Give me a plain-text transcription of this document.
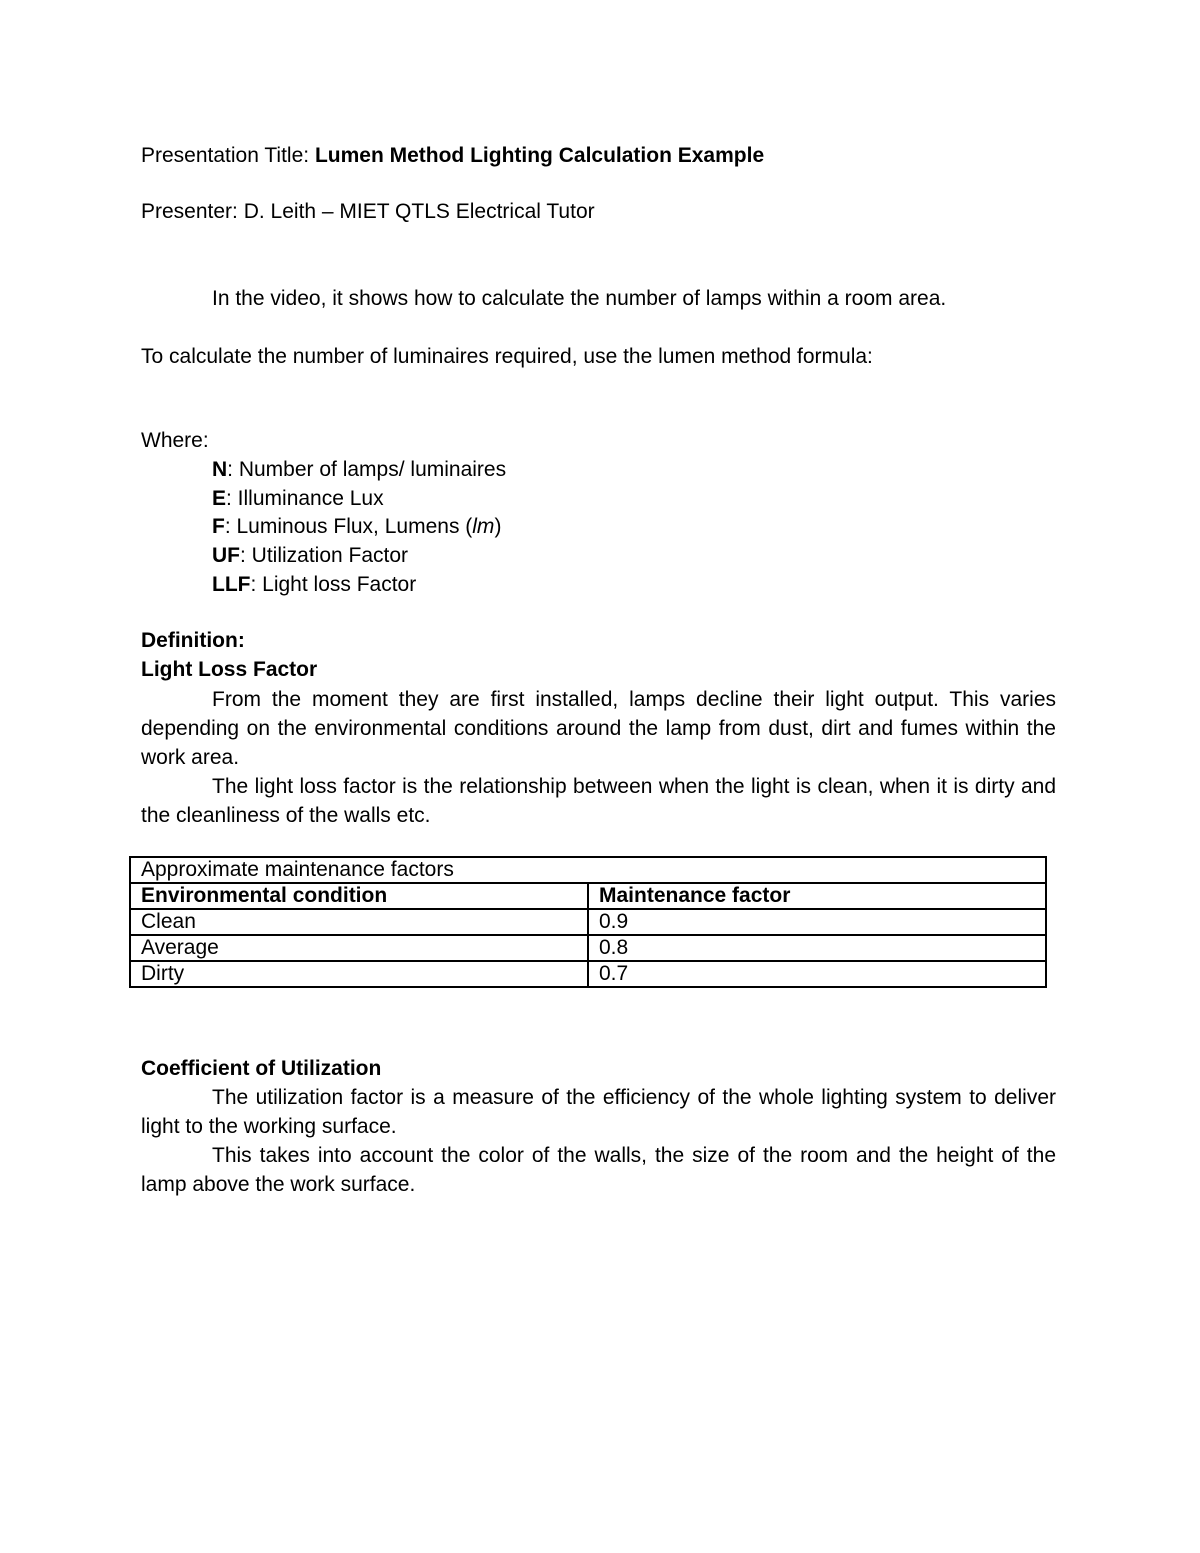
Presentation Title: Lumen Method Lighting Calculation Example
Presenter: D. Leith – MIET QTLS Electrical Tutor
In the video, it shows how to calculate the number of lamps within a room area.
To calculate the number of luminaires required, use the lumen method formula:
Where:
N: Number of lamps/ luminaires
E: Illuminance Lux
F: Luminous Flux, Lumens (lm)
UF: Utilization Factor
LLF: Light loss Factor
Definition:
Light Loss Factor

From the moment they are first installed, lamps decline their light output. This varies depending on the environmental conditions around the lamp from dust, dirt and fumes within the work area.

The light loss factor is the relationship between when the light is clean, when it is dirty and the cleanliness of the walls etc.

Approximate maintenance factors	
Environmental condition	Maintenance factor
Clean	0.9
Average	0.8
Dirty	0.7
Coefficient of Utilization

The utilization factor is a measure of the efficiency of the whole lighting system to deliver light to the working surface.

This takes into account the color of the walls, the size of the room and the height of the lamp above the work surface.
